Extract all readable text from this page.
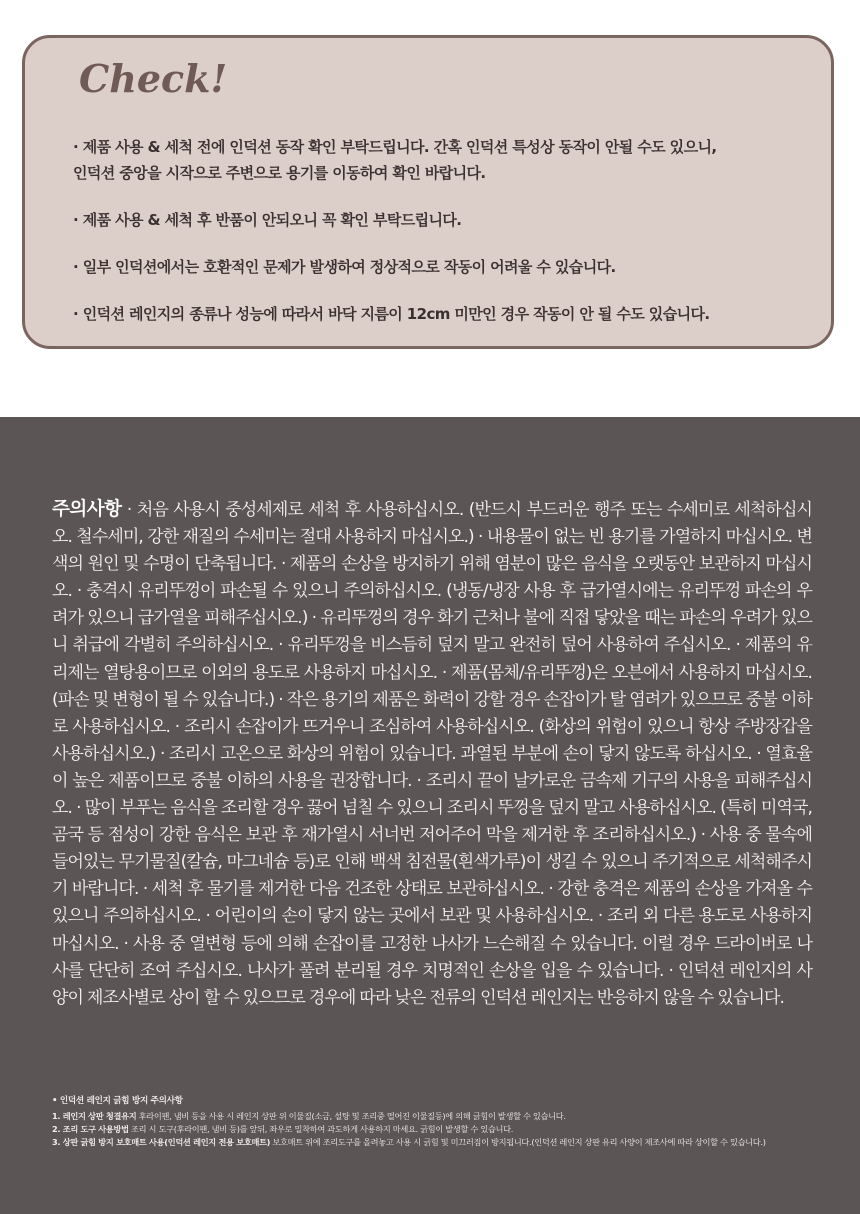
Check!
· 제품 사용 & 세척 전에 인덕션 동작 확인 부탁드립니다. 간혹 인덕션 특성상 동작이 안될 수도 있으니,
인덕션 중앙을 시작으로 주변으로 용기를 이동하여 확인 바랍니다.
· 제품 사용 & 세척 후 반품이 안되오니 꼭 확인 부탁드립니다.
· 일부 인덕션에서는 호환적인 문제가 발생하여 정상적으로 작동이 어려울 수 있습니다.
· 인덕션 레인지의 종류나 성능에 따라서 바닥 지름이 12cm 미만인 경우 작동이 안 될 수도 있습니다.
주의사항 · 처음 사용시 중성세제로 세척 후 사용하십시오. (반드시 부드러운 행주 또는 수세미로 세척하십시오. 철수세미, 강한 재질의 수세미는 절대 사용하지 마십시오.) · 내용물이 없는 빈 용기를 가열하지 마십시오. 변색의 원인 및 수명이 단축됩니다. · 제품의 손상을 방지하기 위해 염분이 많은 음식을 오랫동안 보관하지 마십시오. · 충격시 유리뚜껑이 파손될 수 있으니 주의하십시오. (냉동/냉장 사용 후 급가열시에는 유리뚜껑 파손의 우려가 있으니 급가열을 피해주십시오.) · 유리뚜껑의 경우 화기 근처나 불에 직접 닿았을 때는 파손의 우려가 있으니 취급에 각별히 주의하십시오. · 유리뚜껑을 비스듬히 덮지 말고 완전히 덮어 사용하여 주십시오. · 제품의 유리제는 열탕용이므로 이외의 용도로 사용하지 마십시오. · 제품(몸체/유리뚜껑)은 오븐에서 사용하지 마십시오. (파손 및 변형이 될 수 있습니다.) · 작은 용기의 제품은 화력이 강할 경우 손잡이가 탈 염려가 있으므로 중불 이하로 사용하십시오. · 조리시 손잡이가 뜨거우니 조심하여 사용하십시오. (화상의 위험이 있으니 항상 주방장갑을 사용하십시오.) · 조리시 고온으로 화상의 위험이 있습니다. 과열된 부분에 손이 닿지 않도록 하십시오. · 열효율이 높은 제품이므로 중불 이하의 사용을 권장합니다. · 조리시 끝이 날카로운 금속제 기구의 사용을 피해주십시오. · 많이 부푸는 음식을 조리할 경우 끓어 넘칠 수 있으니 조리시 뚜껑을 덮지 말고 사용하십시오. (특히 미역국, 곰국 등 점성이 강한 음식은 보관 후 재가열시 서너번 저어주어 막을 제거한 후 조리하십시오.) · 사용 중 물속에 들어있는 무기물질(칼슘, 마그네슘 등)로 인해 백색 침전물(흰색가루)이 생길 수 있으니 주기적으로 세척해주시기 바랍니다. · 세척 후 물기를 제거한 다음 건조한 상태로 보관하십시오. · 강한 충격은 제품의 손상을 가져올 수 있으니 주의하십시오. · 어린이의 손이 닿지 않는 곳에서 보관 및 사용하십시오. · 조리 외 다른 용도로 사용하지 마십시오. · 사용 중 열변형 등에 의해 손잡이를 고정한 나사가 느슨해질 수 있습니다. 이럴 경우 드라이버로 나사를 단단히 조여 주십시오. 나사가 풀려 분리될 경우 치명적인 손상을 입을 수 있습니다. · 인덕션 레인지의 사양이 제조사별로 상이 할 수 있으므로 경우에 따라 낮은 전류의 인덕션 레인지는 반응하지 않을 수 있습니다.
• 인덕션 레인지 긁힘 방지 주의사항
1. 레인지 상판 청결유지 후라이팬, 냄비 등을 사용 시 레인지 상판 위 이물질(소금, 설탕 및 조리중 떨어진 이물질등)에 의해 긁힘이 발생할 수 있습니다.
2. 조리 도구 사용방법 조리 시 도구(후라이팬, 냄비 등)를 앞뒤, 좌우로 밀착하여 과도하게 사용하지 마세요. 긁힘이 발생할 수 있습니다.
3. 상판 긁힘 방지 보호매트 사용(인덕션 레인지 전용 보호매트) 보호매트 위에 조리도구를 올려놓고 사용 시 긁힘 및 미끄러짐이 방지됩니다.(인덕션 레인지 상판 유리 사양이 제조사에 따라 상이할 수 있습니다.)
